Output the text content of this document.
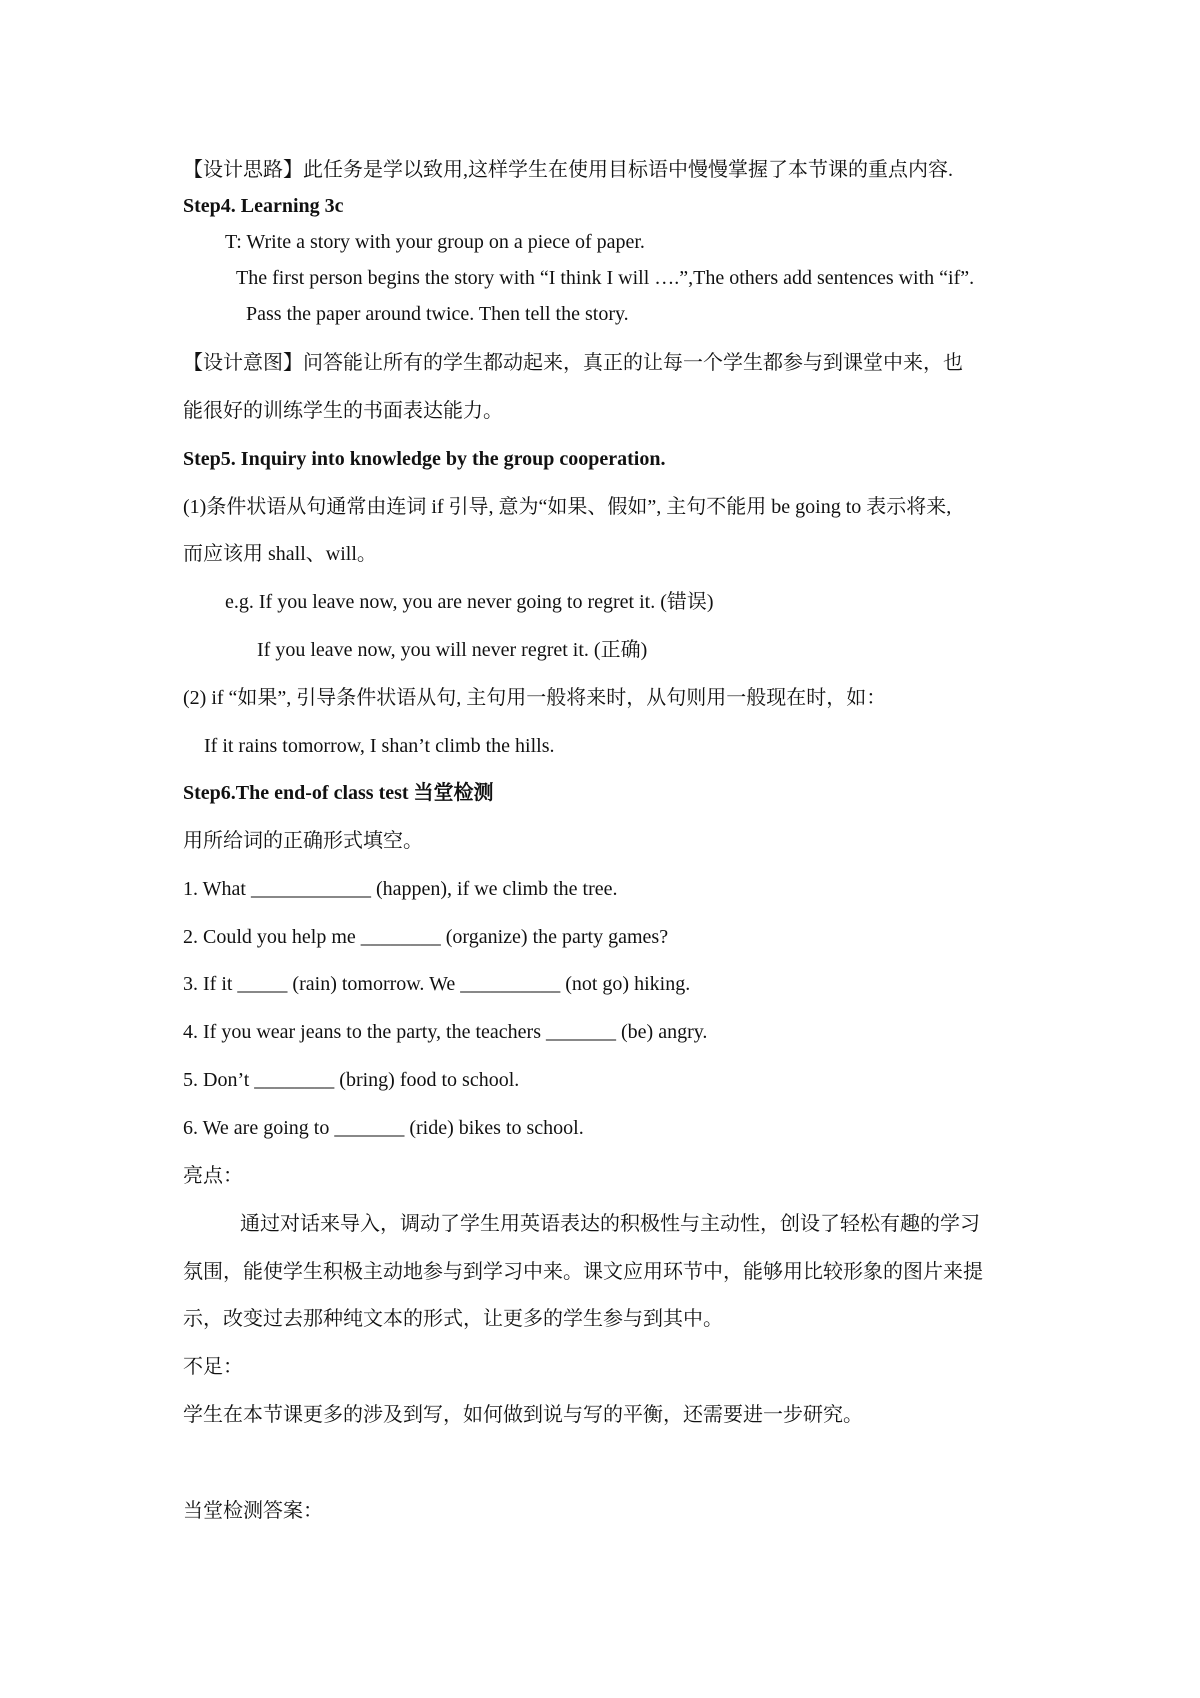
【设计思路】此任务是学以致用,这样学生在使用目标语中慢慢掌握了本节课的重点内容.
Step4. Learning 3c
T: Write a story with your group on a piece of paper.
The first person begins the story with “I think I will ….”,The others add sentences with “if”.
Pass the paper around twice. Then tell the story.
【设计意图】问答能让所有的学生都动起来，真正的让每一个学生都参与到课堂中来，也
能很好的训练学生的书面表达能力。
Step5. Inquiry into knowledge by the group cooperation.
(1)条件状语从句通常由连词 if 引导, 意为“如果、假如”, 主句不能用 be going to 表示将来,
而应该用 shall、will。
e.g. If you leave now, you are never going to regret it. (错误)
If you leave now, you will never regret it. (正确)
(2) if “如果”, 引导条件状语从句, 主句用一般将来时，从句则用一般现在时，如：
If it rains tomorrow, I shan’t climb the hills.
Step6.The end-of class test 当堂检测
用所给词的正确形式填空。
1. What ____________ (happen), if we climb the tree.
2. Could you help me ________ (organize) the party games?
3. If it _____ (rain) tomorrow. We __________ (not go) hiking.
4. If you wear jeans to the party, the teachers _______ (be) angry.
5. Don’t ________ (bring) food to school.
6. We are going to _______ (ride) bikes to school.
亮点：
通过对话来导入，调动了学生用英语表达的积极性与主动性，创设了轻松有趣的学习
氛围，能使学生积极主动地参与到学习中来。课文应用环节中，能够用比较形象的图片来提
示，改变过去那种纯文本的形式，让更多的学生参与到其中。
不足：
学生在本节课更多的涉及到写，如何做到说与写的平衡，还需要进一步研究。
当堂检测答案：
